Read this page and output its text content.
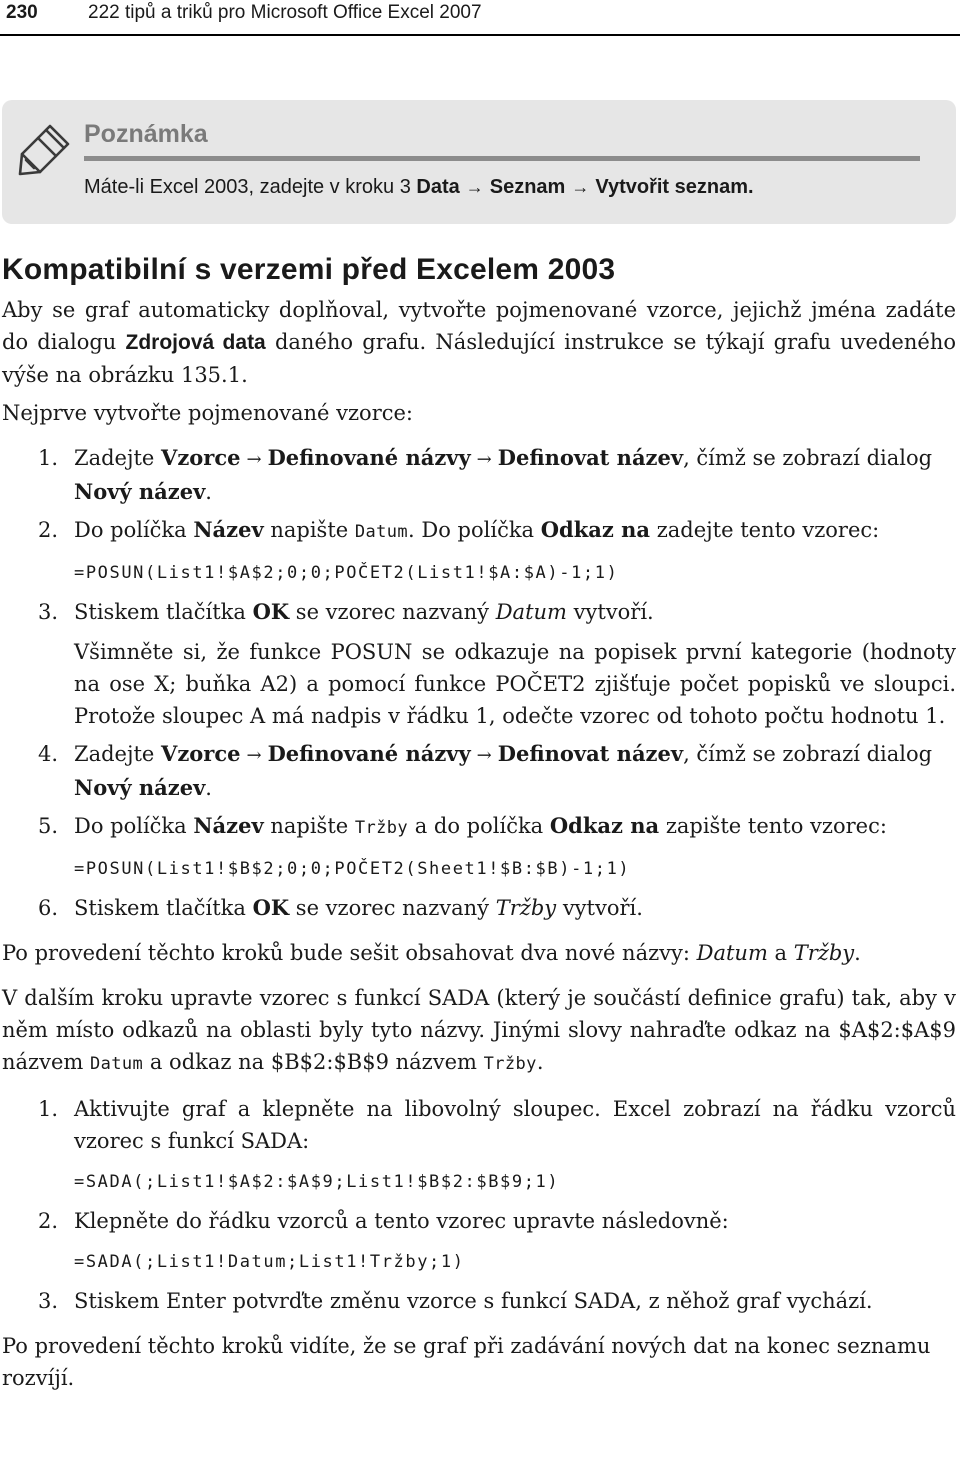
230	222 tipů a triků pro Microsoft Office Excel 2007
Poznámka
Máte-li Excel 2003, zadejte v kroku 3 Data → Seznam → Vytvořit seznam.
Kompatibilní s verzemi před Excelem 2003

Aby se graf automaticky doplňoval, vytvořte pojmenované vzorce, jejichž jména zadáte do dialogu Zdrojová data daného grafu. Následující instrukce se týkají grafu uvedeného výše na obrázku 135.1.

Nejprve vytvořte pojmenované vzorce:

1. Zadejte Vzorce → Definované názvy → Definovat název, čímž se zobrazí dialog Nový název.
2. Do políčka Název napište Datum. Do políčka Odkaz na zadejte tento vzorec:
=POSUN(List1!$A$2;0;0;POČET2(List1!$A:$A)-1;1)
3. Stiskem tlačítka OK se vzorec nazvaný Datum vytvoří.

Všimněte si, že funkce POSUN se odkazuje na popisek první kategorie (hodnoty na ose X; buňka A2) a pomocí funkce POČET2 zjišťuje počet popisků ve sloupci. Protože sloupec A má nadpis v řádku 1, odečte vzorec od tohoto počtu hodnotu 1.

4. Zadejte Vzorce → Definované názvy → Definovat název, čímž se zobrazí dialog Nový název.
5. Do políčka Název napište Tržby a do políčka Odkaz na zapište tento vzorec:
=POSUN(List1!$B$2;0;0;POČET2(Sheet1!$B:$B)-1;1)
6. Stiskem tlačítka OK se vzorec nazvaný Tržby vytvoří.

Po provedení těchto kroků bude sešit obsahovat dva nové názvy: Datum a Tržby.

V dalším kroku upravte vzorec s funkcí SADA (který je součástí definice grafu) tak, aby v něm místo odkazů na oblasti byly tyto názvy. Jinými slovy nahraďte odkaz na $A$2:$A$9 názvem Datum a odkaz na $B$2:$B$9 názvem Tržby.

1. Aktivujte graf a klepněte na libovolný sloupec. Excel zobrazí na řádku vzorců vzorec s funkcí SADA:
=SADA(;List1!$A$2:$A$9;List1!$B$2:$B$9;1)
2. Klepněte do řádku vzorců a tento vzorec upravte následovně:
=SADA(;List1!Datum;List1!Tržby;1)
3. Stiskem Enter potvrďte změnu vzorce s funkcí SADA, z něhož graf vychází.

Po provedení těchto kroků vidíte, že se graf při zadávání nových dat na konec seznamu rozvíjí.
